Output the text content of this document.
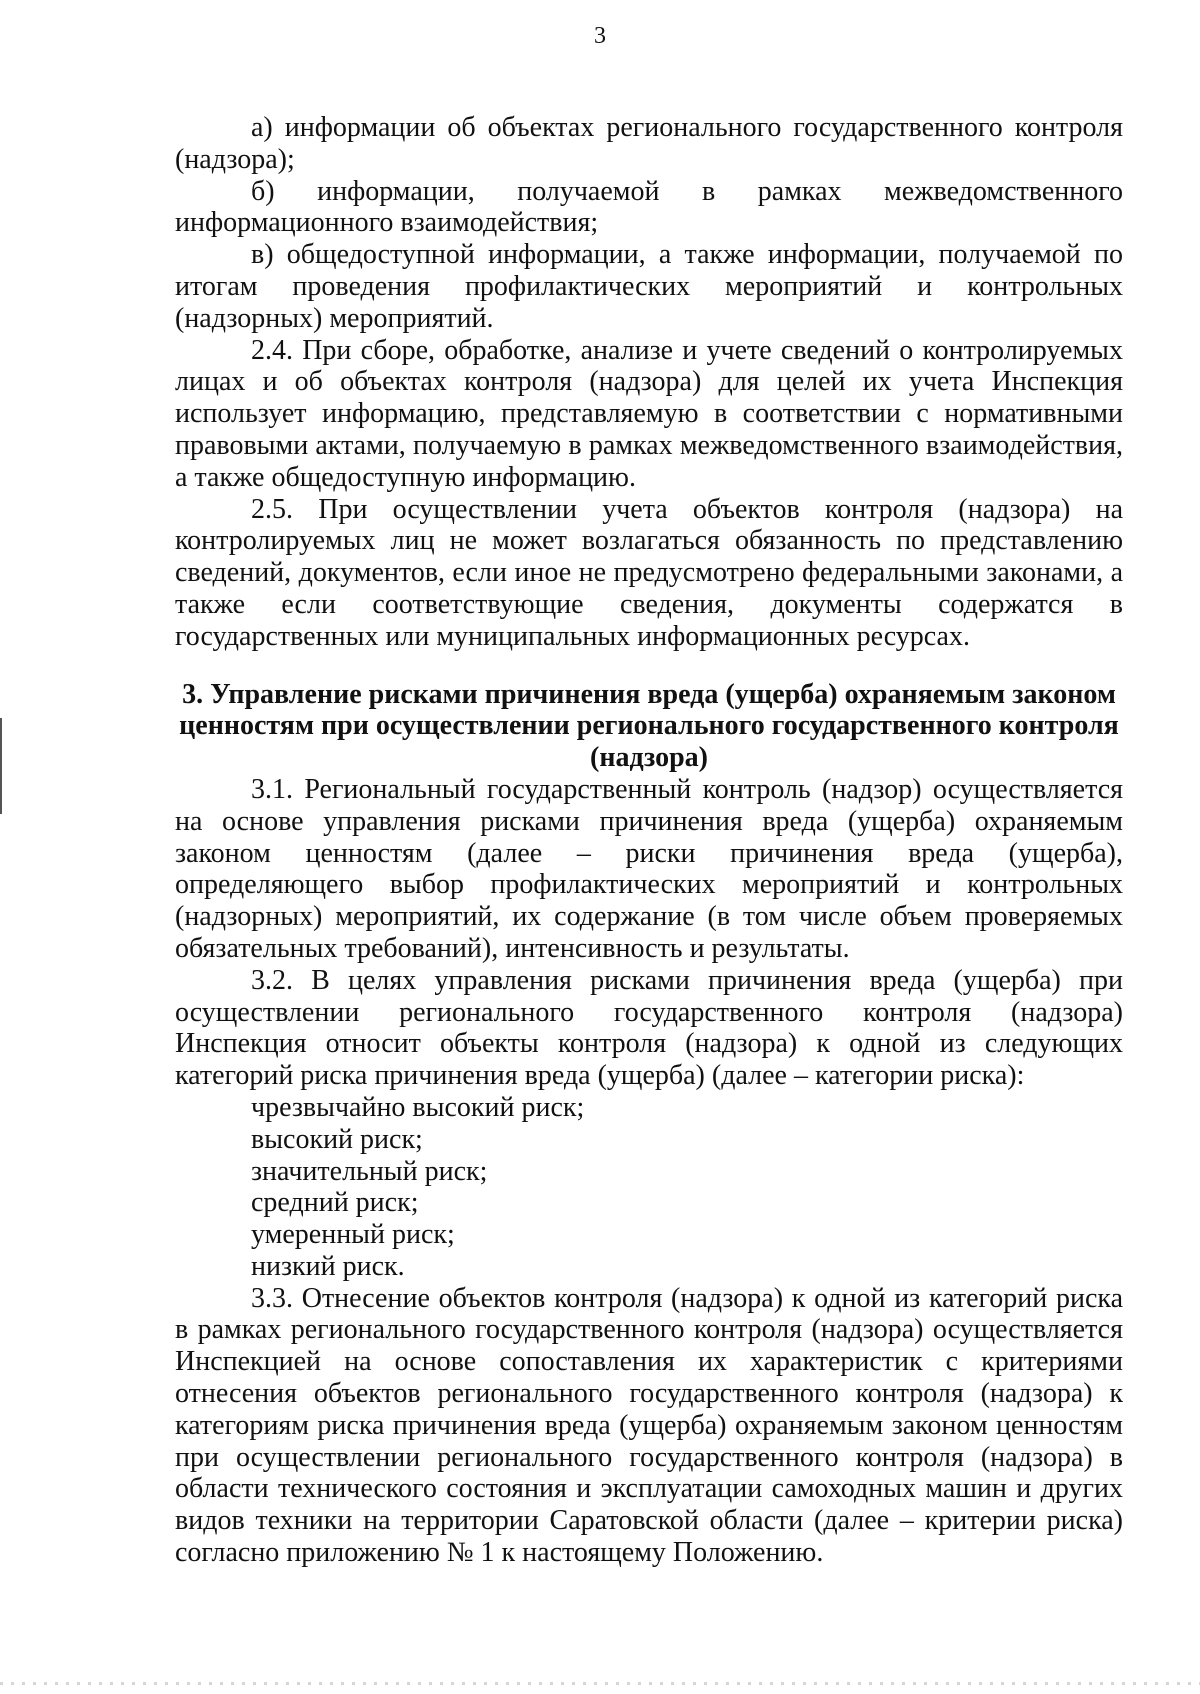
3

а) информации об объектах регионального государственного контроля (надзора);

б) информации, получаемой в рамках межведомственного информационного взаимодействия;

в) общедоступной информации, а также информации, получаемой по итогам проведения профилактических мероприятий и контрольных (надзорных) мероприятий.

2.4. При сборе, обработке, анализе и учете сведений о контролируемых лицах и об объектах контроля (надзора) для целей их учета Инспекция использует информацию, представляемую в соответствии с нормативными правовыми актами, получаемую в рамках межведомственного взаимодействия, а также общедоступную информацию.

2.5. При осуществлении учета объектов контроля (надзора) на контролируемых лиц не может возлагаться обязанность по представлению сведений, документов, если иное не предусмотрено федеральными законами, а также если соответствующие сведения, документы содержатся в государственных или муниципальных информационных ресурсах.

3. Управление рисками причинения вреда (ущерба) охраняемым законом ценностям при осуществлении регионального государственного контроля (надзора)

3.1. Региональный государственный контроль (надзор) осуществляется на основе управления рисками причинения вреда (ущерба) охраняемым законом ценностям (далее – риски причинения вреда (ущерба), определяющего выбор профилактических мероприятий и контрольных (надзорных) мероприятий, их содержание (в том числе объем проверяемых обязательных требований), интенсивность и результаты.

3.2. В целях управления рисками причинения вреда (ущерба) при осуществлении регионального государственного контроля (надзора) Инспекция относит объекты контроля (надзора) к одной из следующих категорий риска причинения вреда (ущерба) (далее – категории риска):

чрезвычайно высокий риск;

высокий риск;

значительный риск;

средний риск;

умеренный риск;

низкий риск.

3.3. Отнесение объектов контроля (надзора) к одной из категорий риска в рамках регионального государственного контроля (надзора) осуществляется Инспекцией на основе сопоставления их характеристик с критериями отнесения объектов регионального государственного контроля (надзора) к категориям риска причинения вреда (ущерба) охраняемым законом ценностям при осуществлении регионального государственного контроля (надзора) в области технического состояния и эксплуатации самоходных машин и других видов техники на территории Саратовской области (далее – критерии риска) согласно приложению № 1 к настоящему Положению.
